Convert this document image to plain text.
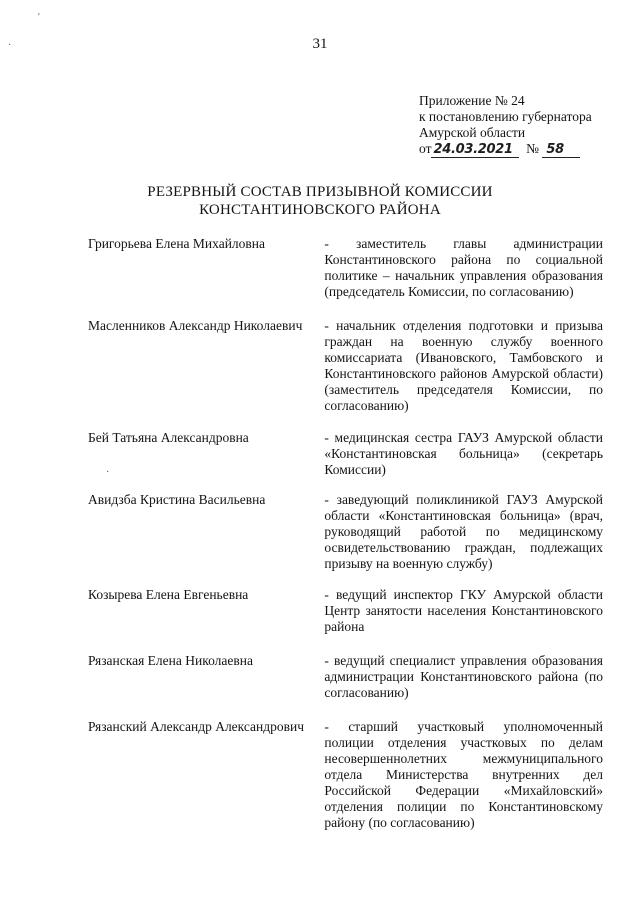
'
·	31
Приложение № 24
к постановлению губернатора
Амурской области
от 24.03.2021 № 58
РЕЗЕРВНЫЙ СОСТАВ ПРИЗЫВНОЙ КОМИССИИ
КОНСТАНТИНОВСКОГО РАЙОНА
Григорьева Елена Михайловна	- заместитель главы администрации Константиновского района по социальной политике – начальник управления образования (председатель Комиссии, по согласованию)
Масленников Александр Николаевич	- начальник отделения подготовки и призыва граждан на военную службу военного комиссариата (Ивановского, Тамбовского и Константиновского районов Амурской области) (заместитель председателя Комиссии, по согласованию)
Бей Татьяна Александровна	- медицинская сестра ГАУЗ Амурской области «Константиновская больница» (секретарь Комиссии)
Авидзба Кристина Васильевна	- заведующий поликлиникой ГАУЗ Амурской области «Константиновская больница» (врач, руководящий работой по медицинскому освидетельствованию граждан, подлежащих призыву на военную службу)
Козырева Елена Евгеньевна	- ведущий инспектор ГКУ Амурской области Центр занятости населения Константиновского района
Рязанская Елена Николаевна	- ведущий специалист управления образования администрации Константиновского района (по согласованию)
Рязанский Александр Александрович	- старший участковый уполномоченный полиции отделения участковых по делам несовершеннолетних межмуниципального отдела Министерства внутренних дел Российской Федерации «Михайловский» отделения полиции по Константиновскому району (по согласованию)
·
